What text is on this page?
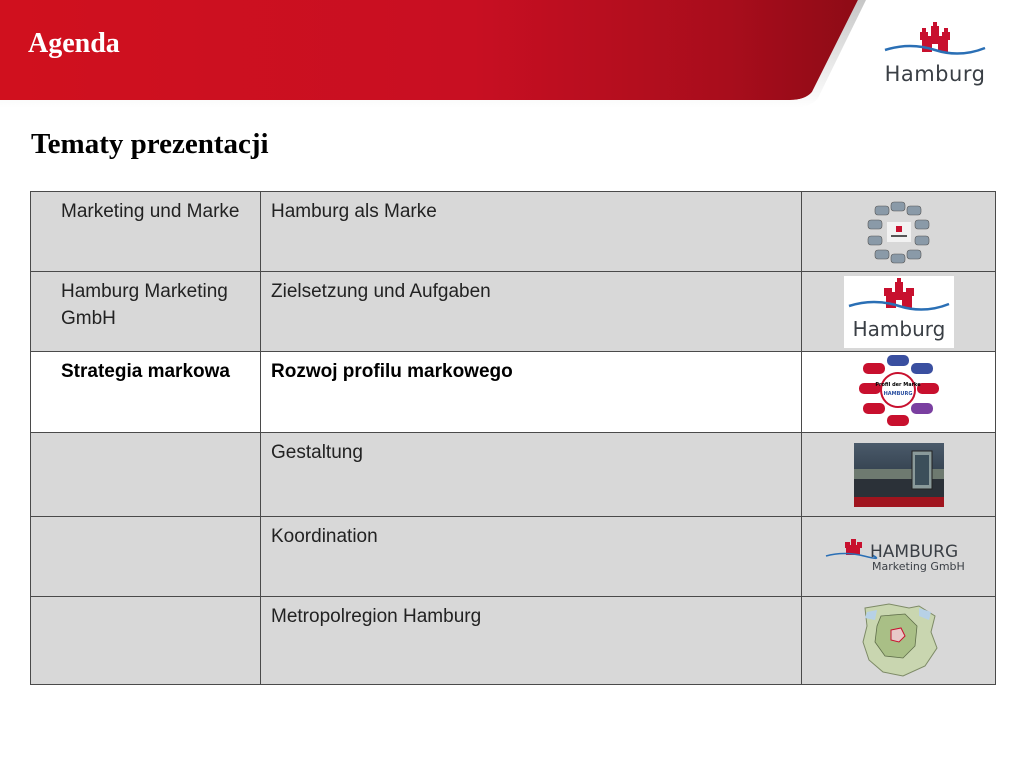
Agenda
Hamburg
Tematy prezentacji
Marketing und Marke	Hamburg als Marke	

Hamburg Marketing GmbH	Zielsetzung und Aufgaben	Hamburg

Strategia markowa	Rozwoj profilu markowego	Profil der Marke
HAMBURG

	Gestaltung	

	Koordination	HAMBURG
Marketing GmbH

	Metropolregion Hamburg	
